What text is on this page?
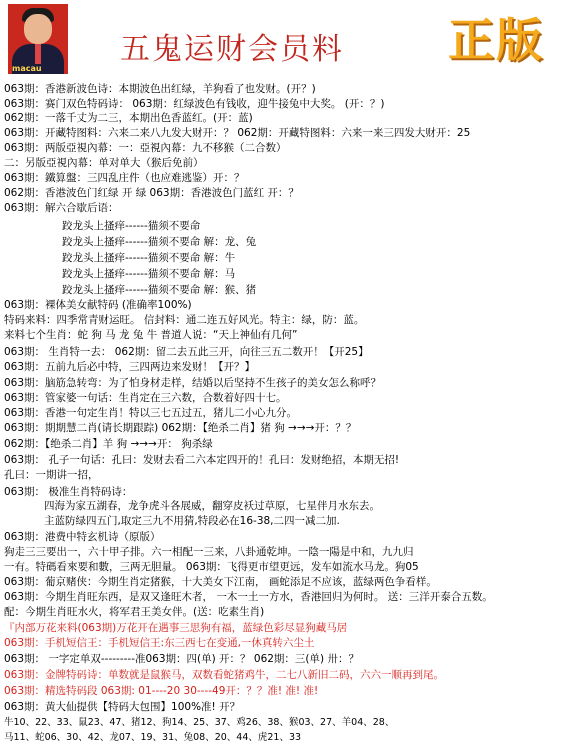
macau
五鬼运财会员料 正版
063期：香港新波色诗：本期波色出红绿，羊狗看了也发财。(开？)
063期：赛门双色特码诗： 063期：红绿波色有钱收，迎牛接兔中大奖。 (开：？)
062期：一落千丈为二三，本期出色香蓝红。(开：蓝)
063期：开藏特图料：六来二来八九发大财开：？ 062期：开藏特图料：六来一来三四发大财开：25
063期：两版亞視內幕：一：亞視內幕：九不移猴（二合数）
二：另版亞視內幕：单对单大（猴后免前）
063期：鐵算盤：三四乱庄件（也应难逃鉴）开：？
062期：香港波色门红绿 开 绿 063期：香港波色门蓝红 开：？
063期：解六合歇后语：
跤龙头上搔痒------猫须不要命
跤龙头上搔痒------猫须不要命 解：龙、兔
跤龙头上搔痒------猫须不要命 解：牛
跤龙头上搔痒------猫须不要命 解：马
跤龙头上搔痒------猫须不要命 解：猴、猪
063期：裸体美女献特码 (准确率100%)
特码来料：四季常青财运旺。 信封料：通二连五好风光。特主：绿，防：蓝。
来料七个生肖：蛇 狗 马 龙 兔 牛 普道人说：“天上神仙有几何”
063期： 生肖特一去： 062期：留二去五此三开，向往三五二数开！【开25】
063期：五前九后必中特，三四两边来发财！【开？】
063期：脑筋急转弯：为了怕身材走样，结婚以后坚持不生孩子的美女怎么称呼？
063期：管家婆一句话：生肖定在三六数，合数着好四十七。
063期：香港一句定生肖！特以三七五过五，猪儿二小心九分。
063期：期期慧二肖(请长期跟踪) 062期：【绝杀二肖】猪 狗 →→→开：？？
062期：【绝杀二肖】羊 狗 →→→开： 狗杀绿
063期： 孔子一句话：孔曰：发财去看二六本定四开的！孔曰：发财绝招，本期无招!
孔曰：一期讲一招，
063期： 极准生肖特码诗：
四海为家五湖春，龙争虎斗各展威，翻穿皮袄过草原，七星伴月水东去。
主蓝防绿四五门,取定三九不用猜,特段必在16-38,二四一减二加.
063期：港费中特玄机诗（原版）
狗走三三要出一，六十甲子排。六一相配一三来，八卦通乾坤。一陰一陽是中和，九九归
一有。特碼看來要和數，三两无胆量。 063期：飞得更市望更远，发车如流水马龙。狗05
063期：葡京赌侠：今期生肖定猪猴，十大美女下江南， 画蛇添足不应该，蓝绿两色争看样。
063期：今期生肖旺东西，是双又逢旺木者， 一木一土一方水，香港回归为何时。 送：三洋开泰合五数。
配：今期生肖旺水火，将军君王美女伴。(送：吃素生肖)
『内部万花来料(063期)万花开在遇事三思狗有福，蓝绿色彩尽显狗藏马居
063期：手机短信王：手机短信王:东三西七在变通,一休真转六尘土
063期： 一字定单双---------准063期：四(单) 开：？ 062期：三(单) 卅：？
063期：金牌特码诗：单数就是鼠猴马，双数看蛇猪鸡牛，二七八新旧二码，六六一顺再到尾。
063期：精选特码段 063期: 01----20 30----49开：？？准! 准! 准!
063期：黄大仙提供【特码大包围】100%准! 开？
牛10、22、33、鼠23、47、猪12、狗14、25、37、鸡26、38、猴03、27、羊04、28、
马11、蛇06、30、42、龙07、19、31、兔08、20、44、虎21、33
